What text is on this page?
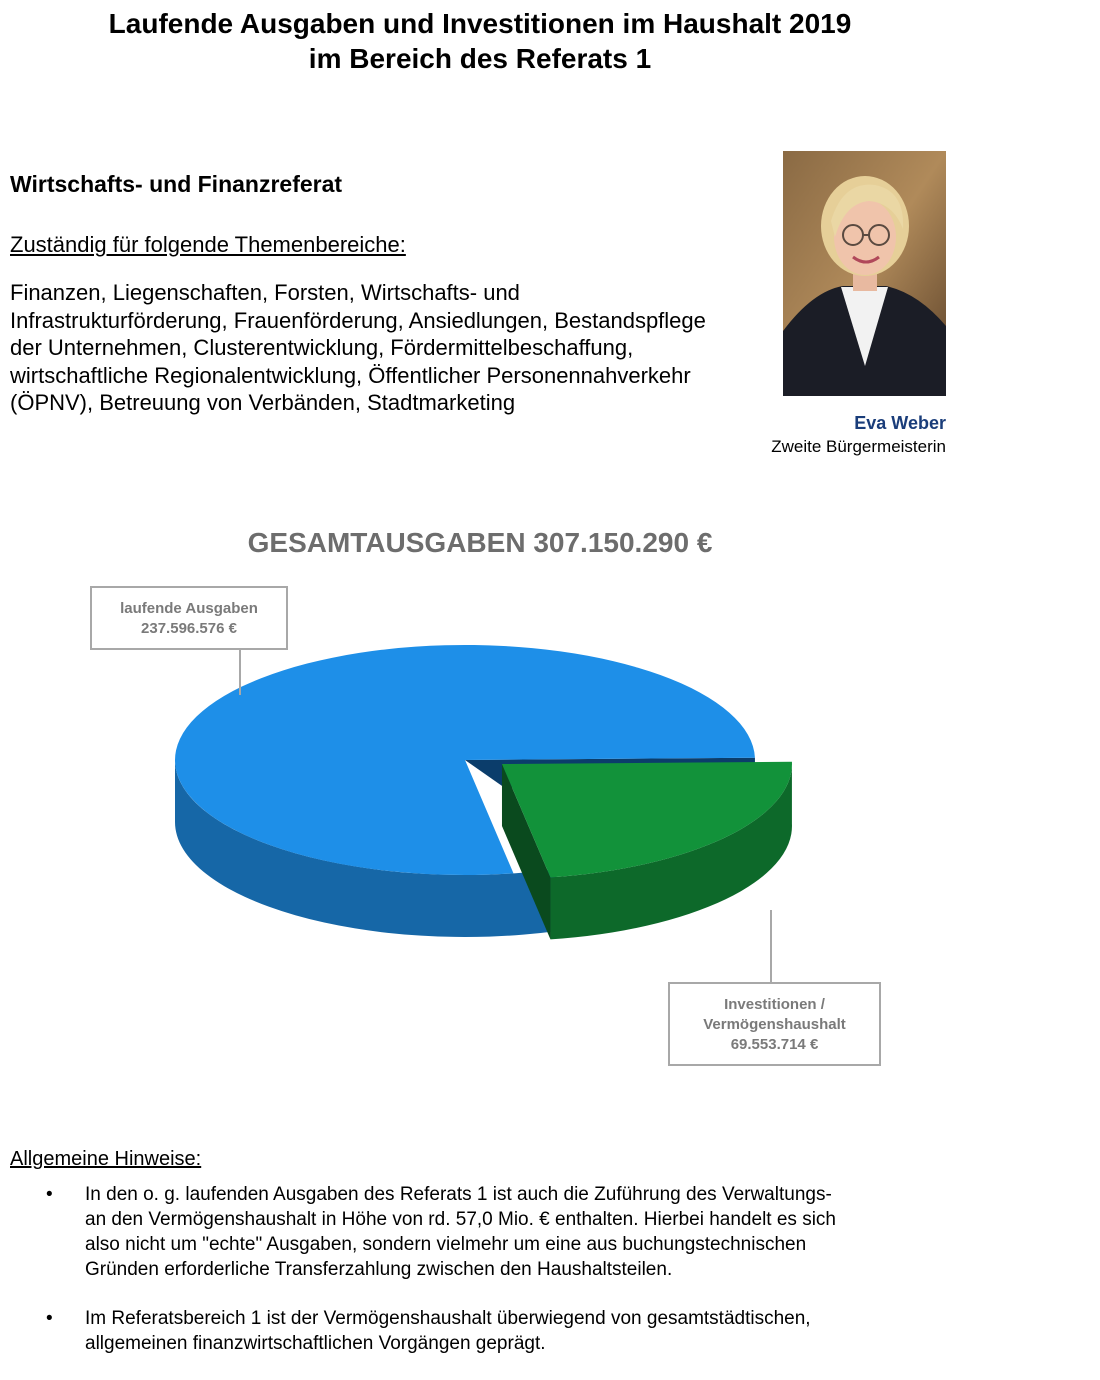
Laufende Ausgaben und Investitionen im Haushalt 2019
im Bereich des Referats 1
Wirtschafts- und Finanzreferat
Zuständig für folgende Themenbereiche:
Finanzen, Liegenschaften, Forsten, Wirtschafts- und Infrastrukturförderung, Frauenförderung, Ansiedlungen, Bestandspflege der Unternehmen, Clusterentwicklung, Fördermittelbeschaffung, wirtschaftliche Regionalentwicklung, Öffentlicher Personennahverkehr (ÖPNV), Betreuung von Verbänden, Stadtmarketing
Eva Weber
Zweite Bürgermeisterin
GESAMTAUSGABEN 307.150.290 €
laufende Ausgaben
237.596.576 €
Investitionen /
Vermögenshaushalt
69.553.714 €
Allgemeine Hinweise:
• In den o. g. laufenden Ausgaben des Referats 1 ist auch die Zuführung des Verwaltungs-
an den Vermögenshaushalt in Höhe von rd. 57,0 Mio. € enthalten. Hierbei handelt es sich
also nicht um "echte" Ausgaben, sondern vielmehr um eine aus buchungstechnischen
Gründen erforderliche Transferzahlung zwischen den Haushaltsteilen.
• Im Referatsbereich 1 ist der Vermögenshaushalt überwiegend von gesamtstädtischen,
allgemeinen finanzwirtschaftlichen Vorgängen geprägt.
